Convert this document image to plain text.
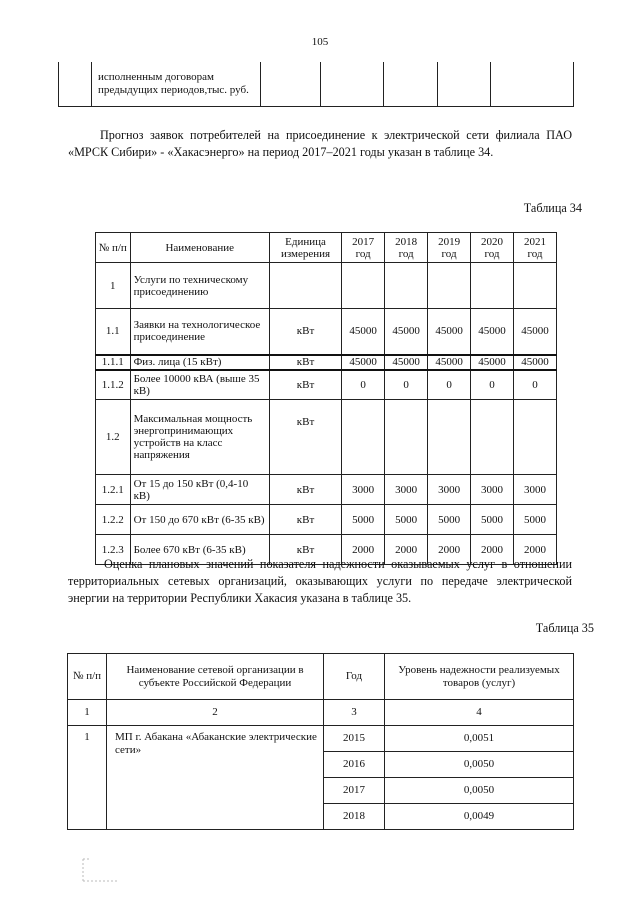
105
	исполненным договорам предыдущих периодов,тыс. руб.					
Прогноз заявок потребителей на присоединение к электрической сети филиала ПАО «МРСК Сибири» - «Хакасэнерго» на период 2017–2021 годы указан в таблице 34.
Таблица 34
№ п/п	Наименование	Единица измерения	2017 год	2018 год	2019 год	2020 год	2021 год
1	Услуги по техническому присоединению						
1.1	Заявки на технологическое присоединение	кВт	45000	45000	45000	45000	45000
1.1.1	Физ. лица (15 кВт)	кВт	45000	45000	45000	45000	45000
1.1.2	Более 10000 кВА (выше 35 кВ)	кВт	0	0	0	0	0
1.2	Максимальная мощность энергопринимающих устройств на класс напряжения	кВт					
1.2.1	От 15 до 150 кВт (0,4-10 кВ)	кВт	3000	3000	3000	3000	3000
1.2.2	От 150 до 670 кВт (6-35 кВ)	кВт	5000	5000	5000	5000	5000
1.2.3	Более 670 кВт (6-35 кВ)	кВт	2000	2000	2000	2000	2000
Оценка плановых значений показателя надежности оказываемых услуг в отношении территориальных сетевых организаций, оказывающих услуги по передаче электрической энергии на территории Республики Хакасия указана в таблице 35.
Таблица 35
№ п/п	Наименование сетевой организации в субъекте Российской Федерации	Год	Уровень надежности реализуемых товаров (услуг)
1	2	3	4
1	МП г. Абакана «Абаканские электрические сети»	2015	0,0051
		2016	0,0050
		2017	0,0050
		2018	0,0049
